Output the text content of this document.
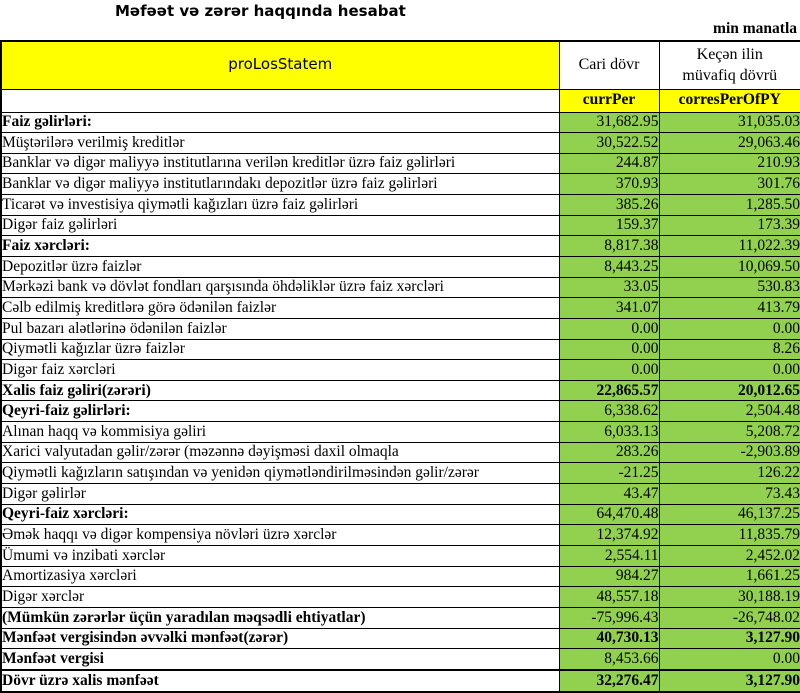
Məfəət və zərər haqqında hesabat
min manatla
proLosStatem	Cari dövr	Keçən ilin
müvafiq dövrü

	currPer	corresPerOfPY
Faiz gəlirləri:	31,682.95	31,035.03
Müştərilərə verilmiş kreditlər	30,522.52	29,063.46
Banklar və digər maliyyə institutlarına verilən kreditlər üzrə faiz gəlirləri	244.87	210.93
Banklar və digər maliyyə institutlarındakı depozitlər üzrə faiz gəlirləri	370.93	301.76
Ticarət və investisiya qiymətli kağızları üzrə faiz gəlirləri	385.26	1,285.50
Digər faiz gəlirləri	159.37	173.39
Faiz xərcləri:	8,817.38	11,022.39
Depozitlər üzrə faizlər	8,443.25	10,069.50
Mərkəzi bank və dövlət fondları qarşısında öhdəliklər üzrə faiz xərcləri	33.05	530.83
Cəlb edilmiş kreditlərə görə ödənilən faizlər	341.07	413.79
Pul bazarı alətlərinə ödənilən faizlər	0.00	0.00
Qiymətli kağızlar üzrə faizlər	0.00	8.26
Digər faiz xərcləri	0.00	0.00
Xalis faiz gəliri(zərəri)	22,865.57	20,012.65
Qeyri-faiz gəlirləri:	6,338.62	2,504.48
Alınan haqq və kommisiya gəliri	6,033.13	5,208.72
Xarici valyutadan gəlir/zərər (məzənnə dəyişməsi daxil olmaqla	283.26	-2,903.89
Qiymətli kağızların satışından və yenidən qiymətləndirilməsindən gəlir/zərər	-21.25	126.22
Digər gəlirlər	43.47	73.43
Qeyri-faiz xərcləri:	64,470.48	46,137.25
Əmək haqqı və digər kompensiya növləri üzrə xərclər	12,374.92	11,835.79
Ümumi və inzibati xərclər	2,554.11	2,452.02
Amortizasiya xərcləri	984.27	1,661.25
Digər xərclər	48,557.18	30,188.19
(Mümkün zərərlər üçün yaradılan məqsədli ehtiyatlar)	-75,996.43	-26,748.02
Mənfəət vergisindən əvvəlki mənfəət(zərər)	40,730.13	3,127.90
Mənfəət vergisi	8,453.66	0.00
Dövr üzrə xalis mənfəət	32,276.47	3,127.90
